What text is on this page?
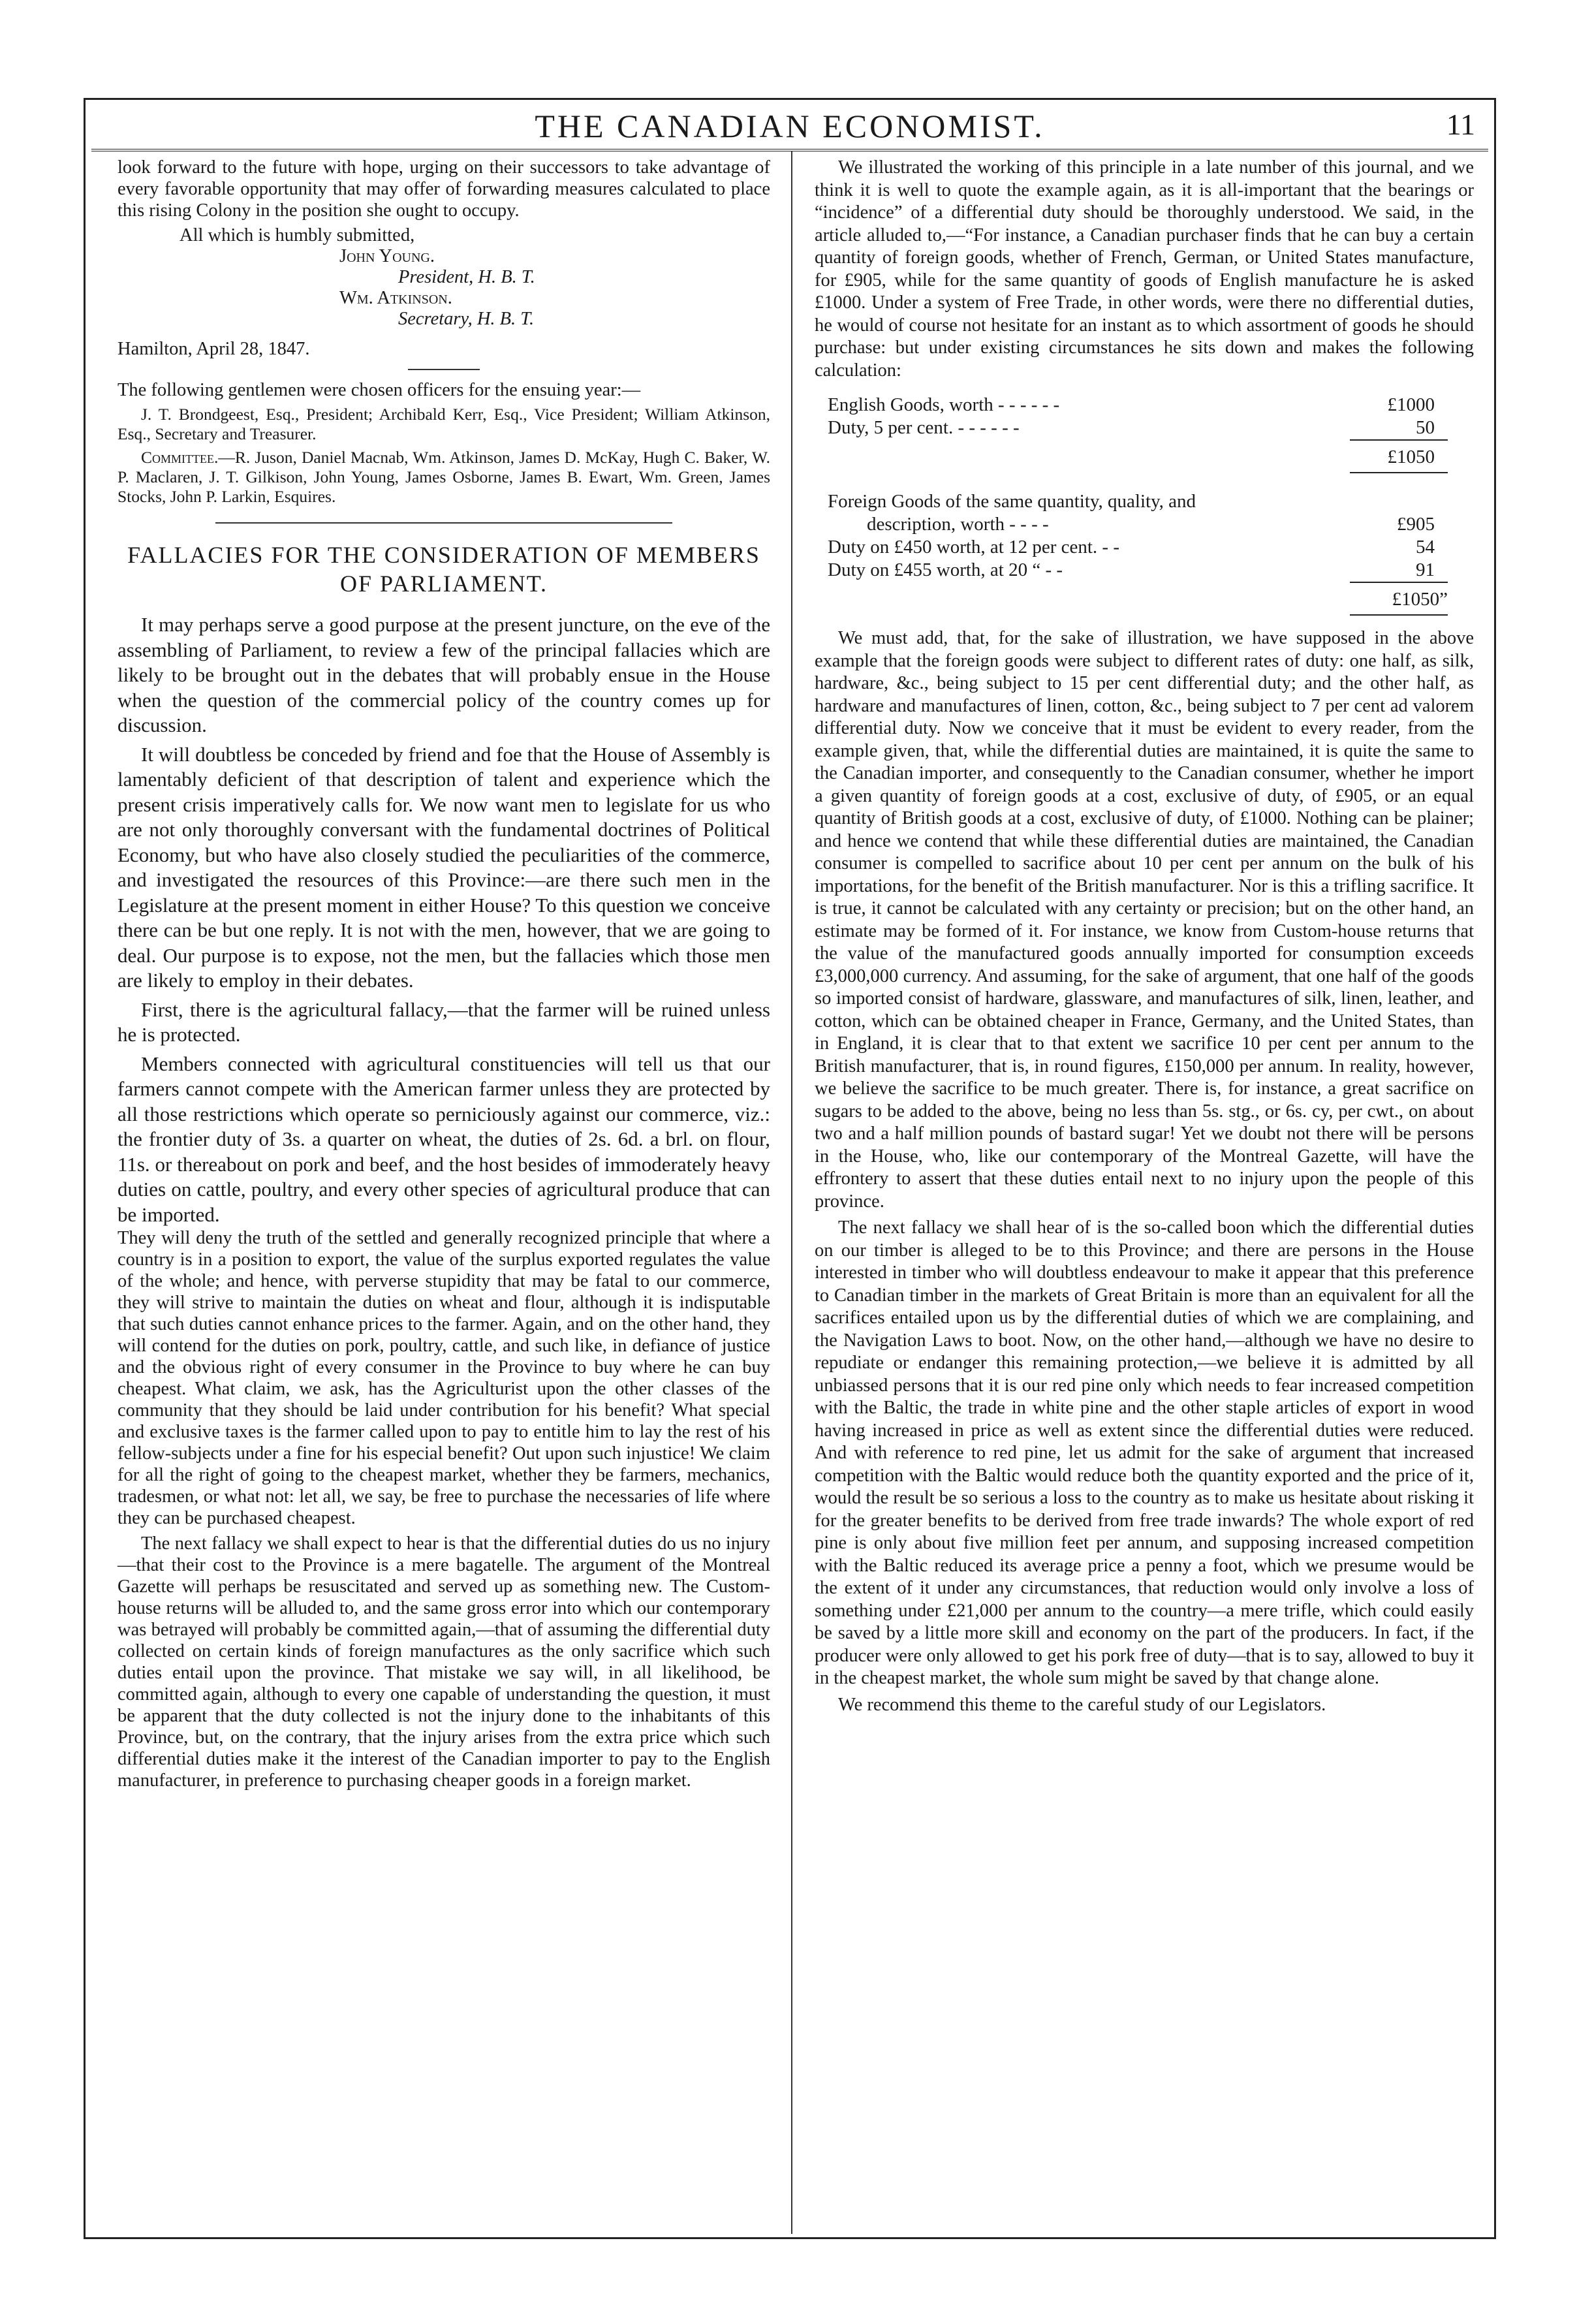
THE CANADIAN ECONOMIST.	11

look forward to the future with hope, urging on their successors to take advantage of every favorable opportunity that may offer of forwarding measures calculated to place this rising Colony in the position she ought to occupy.

All which is humbly submitted,
John Young.
President, H. B. T.
Wm. Atkinson.
Secretary, H. B. T.
Hamilton, April 28, 1847.

The following gentlemen were chosen officers for the ensuing year:—

J. T. Brondgeest, Esq., President; Archibald Kerr, Esq., Vice President; William Atkinson, Esq., Secretary and Treasurer.

Committee.—R. Juson, Daniel Macnab, Wm. Atkinson, James D. McKay, Hugh C. Baker, W. P. Maclaren, J. T. Gilkison, John Young, James Osborne, James B. Ewart, Wm. Green, James Stocks, John P. Larkin, Esquires.

FALLACIES FOR THE CONSIDERATION OF MEMBERS OF PARLIAMENT.

It may perhaps serve a good purpose at the present juncture, on the eve of the assembling of Parliament, to review a few of the principal fallacies which are likely to be brought out in the debates that will probably ensue in the House when the question of the commercial policy of the country comes up for discussion.

It will doubtless be conceded by friend and foe that the House of Assembly is lamentably deficient of that description of talent and experience which the present crisis imperatively calls for. We now want men to legislate for us who are not only thoroughly conversant with the fundamental doctrines of Political Economy, but who have also closely studied the peculiarities of the commerce, and investigated the resources of this Province:—are there such men in the Legislature at the present moment in either House? To this question we conceive there can be but one reply. It is not with the men, however, that we are going to deal. Our purpose is to expose, not the men, but the fallacies which those men are likely to employ in their debates.

First, there is the agricultural fallacy,—that the farmer will be ruined unless he is protected.

Members connected with agricultural constituencies will tell us that our farmers cannot compete with the American farmer unless they are protected by all those restrictions which operate so perniciously against our commerce, viz.: the frontier duty of 3s. a quarter on wheat, the duties of 2s. 6d. a brl. on flour, 11s. or thereabout on pork and beef, and the host besides of immoderately heavy duties on cattle, poultry, and every other species of agricultural produce that can be imported.

They will deny the truth of the settled and generally recognized principle that where a country is in a position to export, the value of the surplus exported regulates the value of the whole; and hence, with perverse stupidity that may be fatal to our commerce, they will strive to maintain the duties on wheat and flour, although it is indisputable that such duties cannot enhance prices to the farmer. Again, and on the other hand, they will contend for the duties on pork, poultry, cattle, and such like, in defiance of justice and the obvious right of every consumer in the Province to buy where he can buy cheapest. What claim, we ask, has the Agriculturist upon the other classes of the community that they should be laid under contribution for his benefit? What special and exclusive taxes is the farmer called upon to pay to entitle him to lay the rest of his fellow-subjects under a fine for his especial benefit? Out upon such injustice! We claim for all the right of going to the cheapest market, whether they be farmers, mechanics, tradesmen, or what not: let all, we say, be free to purchase the necessaries of life where they can be purchased cheapest.

The next fallacy we shall expect to hear is that the differential duties do us no injury—that their cost to the Province is a mere bagatelle. The argument of the Montreal Gazette will perhaps be resuscitated and served up as something new. The Custom-house returns will be alluded to, and the same gross error into which our contemporary was betrayed will probably be committed again,—that of assuming the differential duty collected on certain kinds of foreign manufactures as the only sacrifice which such duties entail upon the province. That mistake we say will, in all likelihood, be committed again, although to every one capable of understanding the question, it must be apparent that the duty collected is not the injury done to the inhabitants of this Province, but, on the contrary, that the injury arises from the extra price which such differential duties make it the interest of the Canadian importer to pay to the English manufacturer, in preference to purchasing cheaper goods in a foreign market.

We illustrated the working of this principle in a late number of this journal, and we think it is well to quote the example again, as it is all-important that the bearings or “incidence” of a differential duty should be thoroughly understood. We said, in the article alluded to,—“For instance, a Canadian purchaser finds that he can buy a certain quantity of foreign goods, whether of French, German, or United States manufacture, for £905, while for the same quantity of goods of English manufacture he is asked £1000. Under a system of Free Trade, in other words, were there no differential duties, he would of course not hesitate for an instant as to which assortment of goods he should purchase: but under existing circumstances he sits down and makes the following calculation:

English Goods, worth - - - - - -	£1000
Duty, 5 per cent. - - - - - -	50
£1050
Foreign Goods of the same quantity, quality, and
description, worth - - - -	£905
Duty on £450 worth, at 12 per cent. - -	54
Duty on £455 worth, at 20 “ - -	91
£1050”

We must add, that, for the sake of illustration, we have supposed in the above example that the foreign goods were subject to different rates of duty: one half, as silk, hardware, &c., being subject to 15 per cent differential duty; and the other half, as hardware and manufactures of linen, cotton, &c., being subject to 7 per cent ad valorem differential duty. Now we conceive that it must be evident to every reader, from the example given, that, while the differential duties are maintained, it is quite the same to the Canadian importer, and consequently to the Canadian consumer, whether he import a given quantity of foreign goods at a cost, exclusive of duty, of £905, or an equal quantity of British goods at a cost, exclusive of duty, of £1000. Nothing can be plainer; and hence we contend that while these differential duties are maintained, the Canadian consumer is compelled to sacrifice about 10 per cent per annum on the bulk of his importations, for the benefit of the British manufacturer. Nor is this a trifling sacrifice. It is true, it cannot be calculated with any certainty or precision; but on the other hand, an estimate may be formed of it. For instance, we know from Custom-house returns that the value of the manufactured goods annually imported for consumption exceeds £3,000,000 currency. And assuming, for the sake of argument, that one half of the goods so imported consist of hardware, glassware, and manufactures of silk, linen, leather, and cotton, which can be obtained cheaper in France, Germany, and the United States, than in England, it is clear that to that extent we sacrifice 10 per cent per annum to the British manufacturer, that is, in round figures, £150,000 per annum. In reality, however, we believe the sacrifice to be much greater. There is, for instance, a great sacrifice on sugars to be added to the above, being no less than 5s. stg., or 6s. cy, per cwt., on about two and a half million pounds of bastard sugar! Yet we doubt not there will be persons in the House, who, like our contemporary of the Montreal Gazette, will have the effrontery to assert that these duties entail next to no injury upon the people of this province.

The next fallacy we shall hear of is the so-called boon which the differential duties on our timber is alleged to be to this Province; and there are persons in the House interested in timber who will doubtless endeavour to make it appear that this preference to Canadian timber in the markets of Great Britain is more than an equivalent for all the sacrifices entailed upon us by the differential duties of which we are complaining, and the Navigation Laws to boot. Now, on the other hand,—although we have no desire to repudiate or endanger this remaining protection,—we believe it is admitted by all unbiassed persons that it is our red pine only which needs to fear increased competition with the Baltic, the trade in white pine and the other staple articles of export in wood having increased in price as well as extent since the differential duties were reduced. And with reference to red pine, let us admit for the sake of argument that increased competition with the Baltic would reduce both the quantity exported and the price of it, would the result be so serious a loss to the country as to make us hesitate about risking it for the greater benefits to be derived from free trade inwards? The whole export of red pine is only about five million feet per annum, and supposing increased competition with the Baltic reduced its average price a penny a foot, which we presume would be the extent of it under any circumstances, that reduction would only involve a loss of something under £21,000 per annum to the country—a mere trifle, which could easily be saved by a little more skill and economy on the part of the producers. In fact, if the producer were only allowed to get his pork free of duty—that is to say, allowed to buy it in the cheapest market, the whole sum might be saved by that change alone.

We recommend this theme to the careful study of our Legislators.
